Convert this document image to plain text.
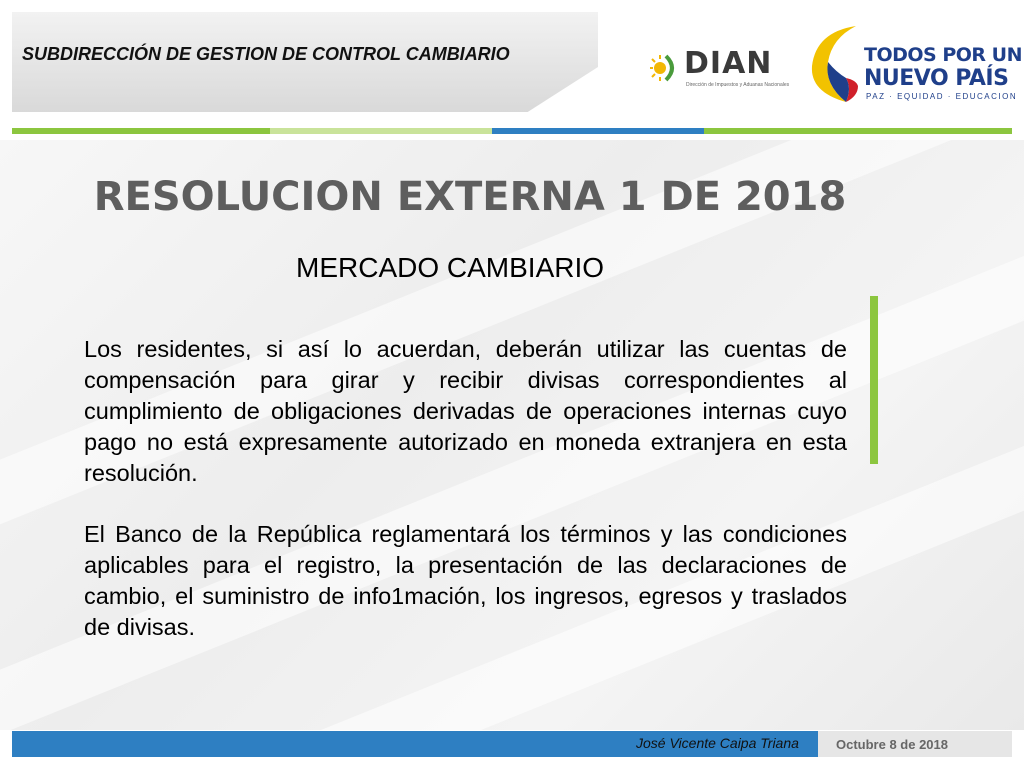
SUBDIRECCIÓN DE GESTION DE CONTROL CAMBIARIO	DIAN
Dirección de Impuestos y Aduanas Nacionales
TODOS POR UN
NUEVO PAÍS
PAZ · EQUIDAD · EDUCACION
RESOLUCION EXTERNA 1 DE 2018
MERCADO CAMBIARIO
Los residentes, si así lo acuerdan, deberán utilizar las cuentas de compensación para girar y recibir divisas correspondientes al cumplimiento de obligaciones derivadas de operaciones internas cuyo pago no está expresamente autorizado en moneda extranjera en esta resolución.
El Banco de la República reglamentará los términos y las condiciones aplicables para el registro, la presentación de las declaraciones de cambio, el suministro de info1mación, los ingresos, egresos y traslados de divisas.
José Vicente Caipa Triana	Octubre 8 de 2018
